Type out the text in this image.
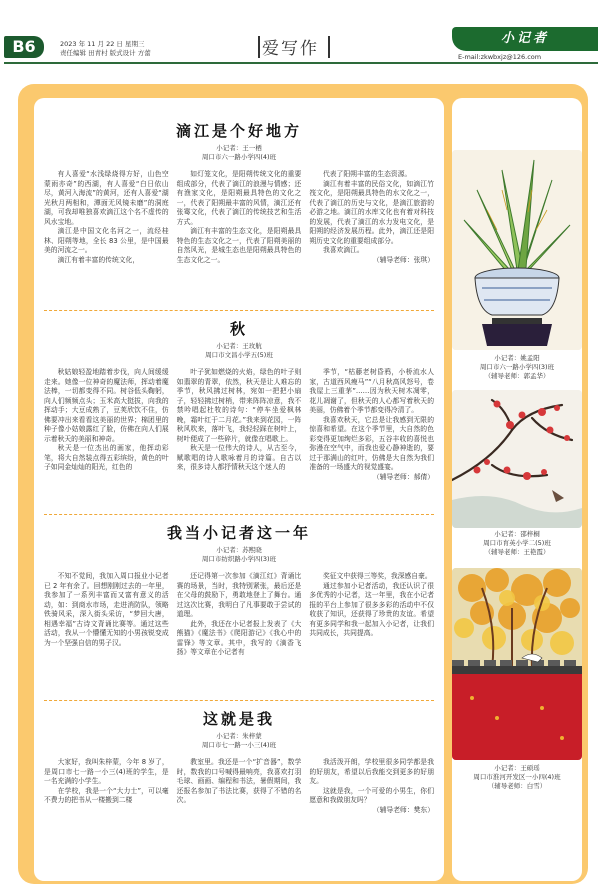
B6	2023 年 11 月 22 日 星期三
责任编辑 田青村 版式设计 方蕾	爱写作
小记者
E-mail:zkwbxjz@126.com
滴江是个好地方
小记者：王一栖
周口市六一路小学四(4)班

有人喜爱“水浅绿烧得方好，山色空蒙雨亦奇”的西湖，有人喜爱“白日依山尽，黄河入海流”的黄河，还有人喜爱“湖光秋月两相和，潭面无风镜未磨”的洞庭湖，可我却唯独喜欢滴江这个名不虚传的风水宝地。

滴江是中国文化名河之一，流经桂林、阳朔等地，全长 83 公里，是中国最美的河流之一。

滴江有着丰富的传统文化，

如灯笼文化，是阳朔传统文化的重要组成部分，代表了滴江的浪漫与情感；还有渔家文化，是阳朔最具特色的文化之一，代表了阳朔最丰富的风情，滴江还有张骞文化，代表了滴江的传统技艺和生活方式。

滴江有丰富的生态文化，是阳朔最具特色的生态文化之一，代表了阳朔美丽的自然风光，是城生态也是阳朔最具特色的生态文化之一。

代表了阳朔丰富的生态资源。

滴江有着丰富的民俗文化，如滴江竹筏文化，是阳朔最具特色的水文化之一，代表了滴江的历史与文化，是滴江旅游的必游之地。滴江的水库文化也有着对科技的发展，代表了滴江的水力发电文化，是阳朔的经济发展历程。此外，滴江还是阳朔历史文化的重要组成部分。

我喜欢滴江。

（辅导老师：张琪）

秋
小记者：王玫航
周口市文昌小学五(5)班

秋姑娘轻盈地踏着步伐，向人间缓缓走来。她像一位神奇的魔法师，挥动着魔法棒，一切都变得不同。树谷低头鞠躬，向人们频频点头；玉米高大挺拔，向我的挥动手；大豆成熟了，豆荚欣饮不住，仿佛要冲出来看看这美丽的世界；棉团里的种子像小姑娘露红了脸，仿佛在向人们展示着秋天的美丽和神奇。

秋天是一位杰出的画家，他挥动彩笔，将大自然装点得五彩缤纷，黄色的叶子如同金灿灿的阳光，红色的

叶子犹如燃烧的火焰，绿色的叶子则如翡翠的青翠，依然，秋天是让人难忘的季节，秋风拂过树林，宛如一把把小扇子，轻轻拂过树梢，带来阵阵凉意，我不禁吟唱起杜牧的诗句：“停车坐爱枫林晚，霜叶红于二月花。”我来到花园，一阵秋风吹来，落叶飞，我轻轻踩在树叶上，树叶便成了一些碎片，就像在唱歌上。

秋天是一位伟大的诗人，从古至今，赋歌唱的诗人歌咏着月的诗篇。自古以来，很多诗人都抒情秋天这个迷人的

季节，“枯藤老树昏鸦，小桥流水人家，古道西风瘦马”“八月秋高风怒号，卷我屋上三重茅”……因为秋天树木凋零，花儿凋谢了，但秋天的人心都写着秋天的美丽，仿佛着个季节都变得冷清了。

我喜欢秋天，它总是让我感到无限的惊喜和希望。在这个季节里，大自然的色彩变得更加绚烂多彩，五谷丰收的喜悦也弥漫在空气中，而我也爱心静神逝的，要过于那满山的红叶，仿佛是大自然为我们准备的一场盛大的视觉盛宴。

（辅导老师：郝倩）

我当小记者这一年
小记者：苏熙晓
周口市纺织路小学四(3)班

不知不觉间，我加入周口报业小记者已 2 年有余了。回想刚刚过去的一年里，我参加了一系列丰富而又富有意义的活动，如：到商水市场，走进消防队，领略铁骑风采，深入街头采访，“梦回大唐，相遇幸福”古诗文背诵比赛等。通过这些活动，我从一个懵懂无知的小男孩锐变成为一个坚强自信的男子汉。

还记得第一次参加《滴江红》背诵比赛的场景，当时，我特别紧张，最后还是在父母的鼓励下，勇敢地登上了舞台。通过这次比赛，我明白了凡事要敢于尝试的道理。

此外，我还在小记者报上发表了《大熊猫》《魔法书》《爬阳游记》《我心中的雷锋》等文章。其中，我写的《滴香飞扬》等文章在小记者有

奖征文中获得三等奖，我深感自豪。

通过参加小记者活动，我还认识了很多优秀的小记者，这一年里，我在小记者报的平台上参加了很多多彩的活动中不仅收获了知识，还获得了珍贵的友谊。希望有更多同学和我一起加入小记者，让我们共同成长，共同提高。

这就是我
小记者：朱梓蒙
周口市七一路一小三(4)班

大家好，我叫朱梓蒙，今年 8 岁了，是周口市七一路一小三(4)班的学生，是一名充满的小学生。

在学校，我是一个“大力士”，可以毫不费力的把书从一楼搬到二楼

教室里。我还是一个“扩音器”，数学时，数我的口号喊得最响亮，我喜欢打羽毛球、画画、编程和书法，暑假期间，我还报名参加了书法比赛，获得了不错的名次。

我活泼开朗，学校里很多同学都是我的好朋友，希望以后我能交到更多的好朋友。

这就是我，一个可爱的小男生，你们愿意和我做朋友吗？

（辅导老师：樊东）

小记者：姚孟阳
周口市六一路小学四(3)班
（辅导老师：郭孟华）
小记者：邵梓桐
周口市育英小学二(5)班
（辅导老师：王艳霞）
小记者：王硕瑶
周口市淮河开发区一小四(4)班
（辅导老师：白雪）
